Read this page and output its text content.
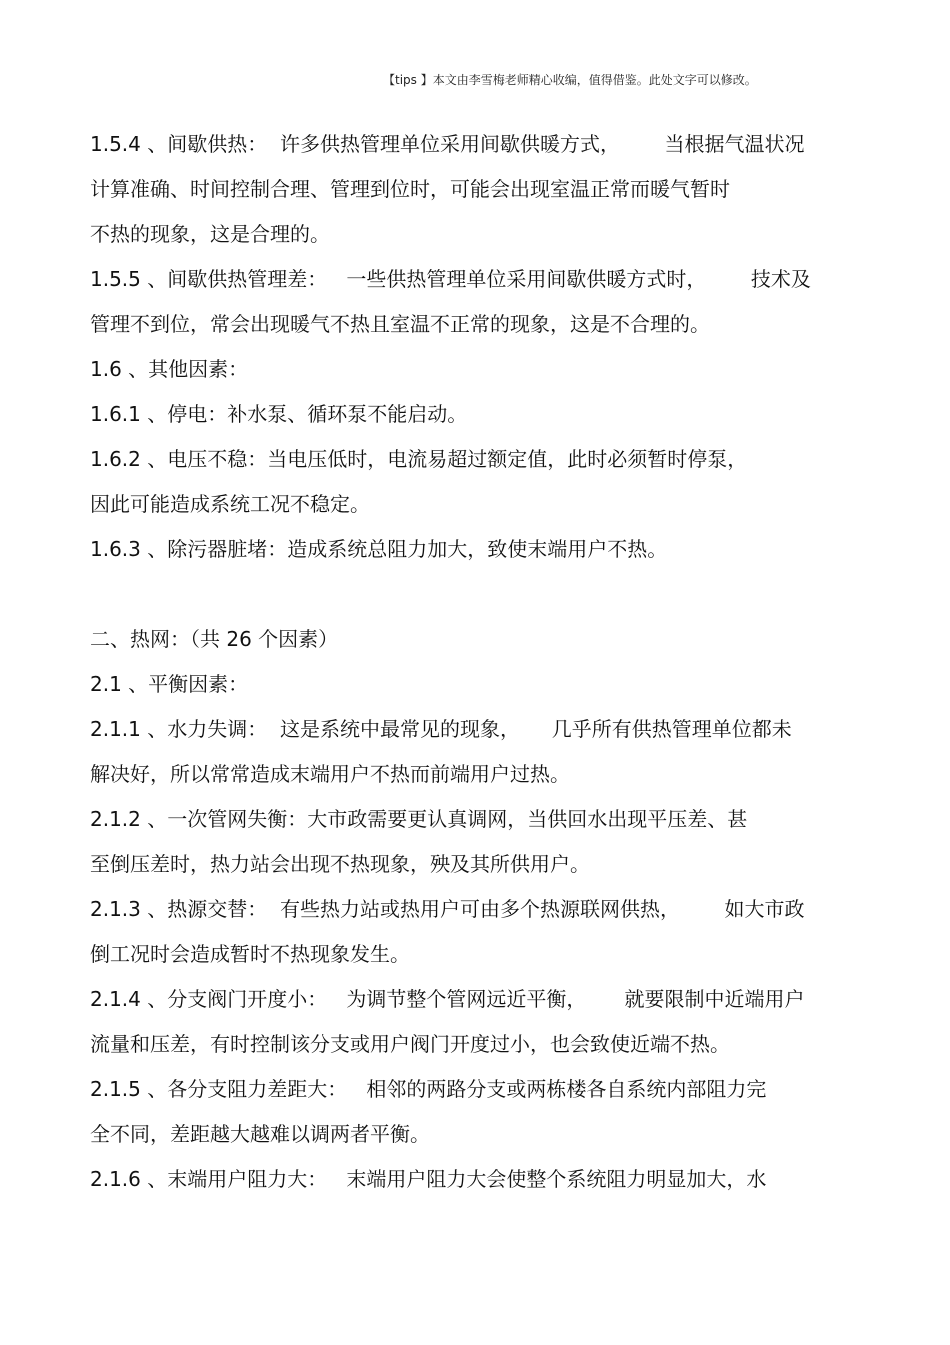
【tips 】本文由李雪梅老师精心收编，值得借鉴。此处文字可以修改。
1.5.4 、间歇供热：  许多供热管理单位采用间歇供暖方式，       当根据气温状况
计算准确、时间控制合理、管理到位时，可能会出现室温正常而暖气暂时
不热的现象，这是合理的。
1.5.5 、间歇供热管理差：   一些供热管理单位采用间歇供暖方式时，       技术及
管理不到位，常会出现暖气不热且室温不正常的现象，这是不合理的。
1.6 、其他因素：
1.6.1 、停电：补水泵、循环泵不能启动。
1.6.2 、电压不稳：当电压低时，电流易超过额定值，此时必须暂时停泵，
因此可能造成系统工况不稳定。
1.6.3 、除污器脏堵：造成系统总阻力加大，致使末端用户不热。
二、热网：（共 26 个因素）
2.1 、平衡因素：
2.1.1 、水力失调：  这是系统中最常见的现象，     几乎所有供热管理单位都未
解决好，所以常常造成末端用户不热而前端用户过热。
2.1.2 、一次管网失衡：大市政需要更认真调网，当供回水出现平压差、甚
至倒压差时，热力站会出现不热现象，殃及其所供用户。
2.1.3 、热源交替：  有些热力站或热用户可由多个热源联网供热，       如大市政
倒工况时会造成暂时不热现象发生。
2.1.4 、分支阀门开度小：   为调节整个管网远近平衡，      就要限制中近端用户
流量和压差，有时控制该分支或用户阀门开度过小，也会致使近端不热。
2.1.5 、各分支阻力差距大：   相邻的两路分支或两栋楼各自系统内部阻力完
全不同，差距越大越难以调两者平衡。
2.1.6 、末端用户阻力大：   末端用户阻力大会使整个系统阻力明显加大，水
